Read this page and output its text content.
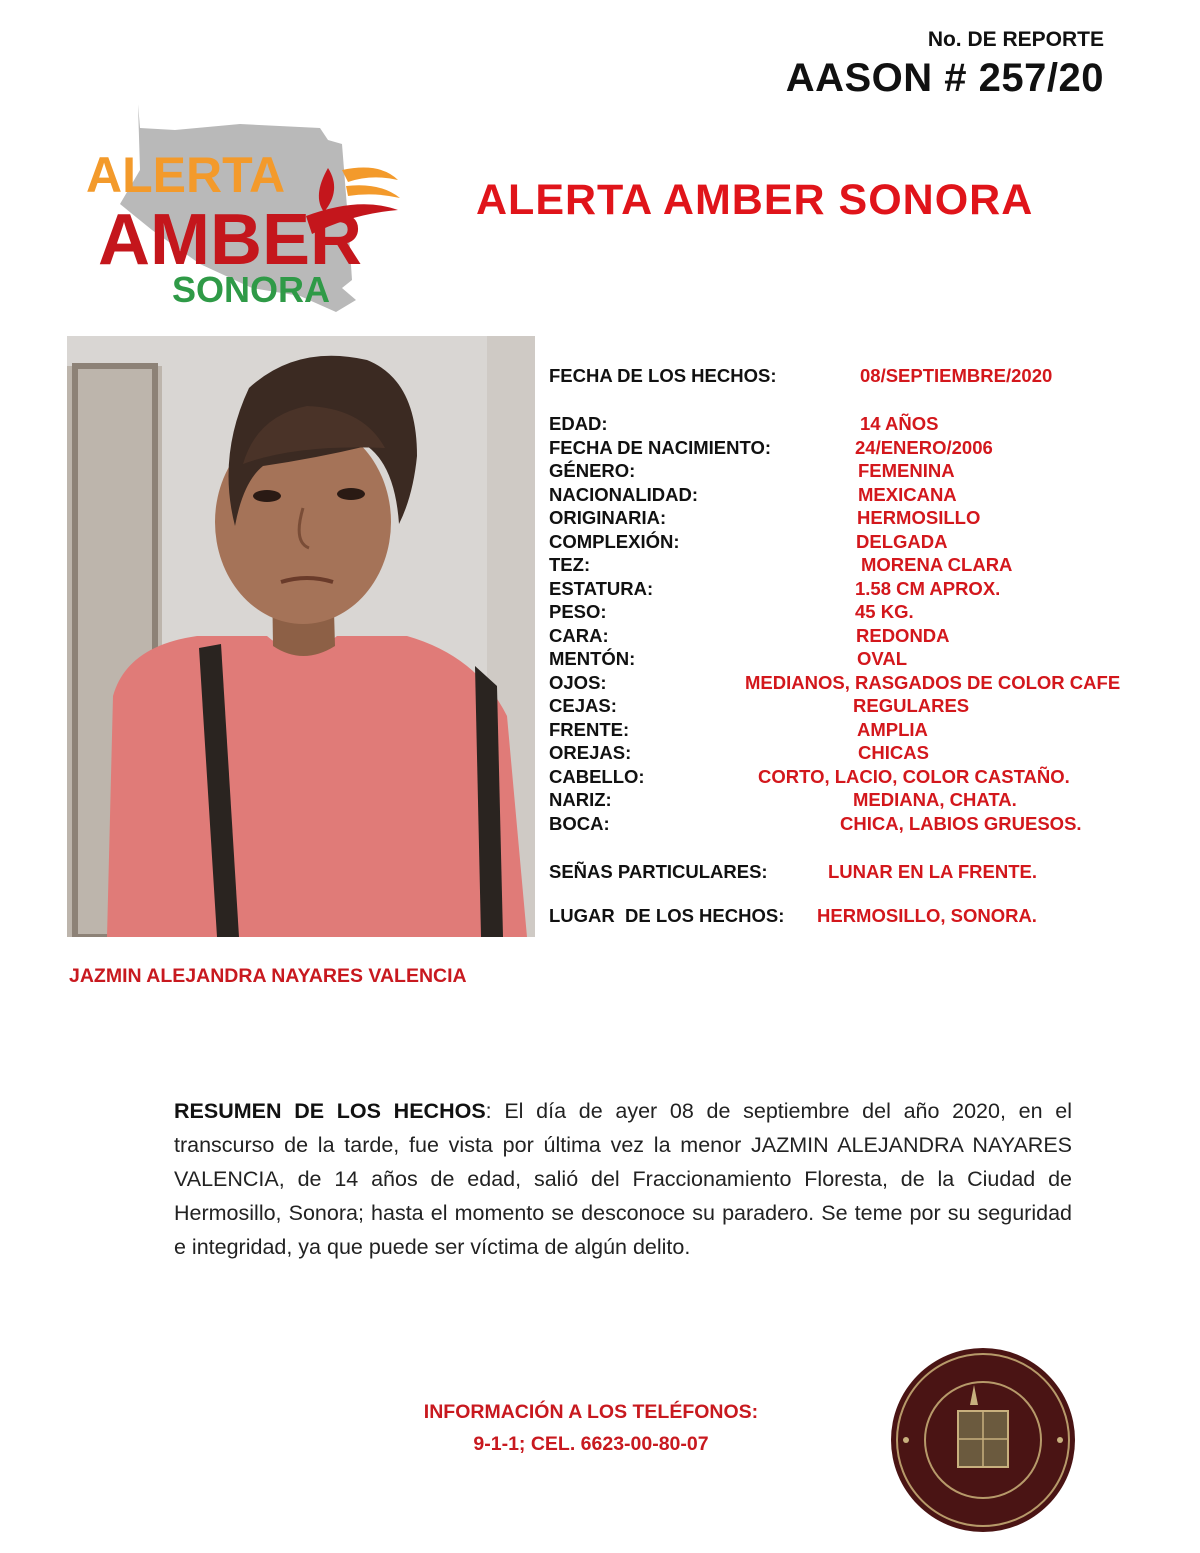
No. DE REPORTE
AASON # 257/20
ALERTA
AMBER
SONORA
ALERTA AMBER SONORA
JAZMIN ALEJANDRA NAYARES VALENCIA
FECHA DE LOS HECHOS:	08/SEPTIEMBRE/2020
EDAD:	14 AÑOS
FECHA DE NACIMIENTO:	24/ENERO/2006
GÉNERO:	FEMENINA
NACIONALIDAD:	MEXICANA
ORIGINARIA:	HERMOSILLO
COMPLEXIÓN:	DELGADA
TEZ:	MORENA CLARA
ESTATURA:	1.58 CM APROX.
PESO:	45 KG.
CARA:	REDONDA
MENTÓN:	OVAL
OJOS:	MEDIANOS, RASGADOS DE COLOR CAFE
CEJAS:	REGULARES
FRENTE:	AMPLIA
OREJAS:	CHICAS
CABELLO:	CORTO, LACIO, COLOR CASTAÑO.
NARIZ:	MEDIANA, CHATA.
BOCA:	CHICA, LABIOS GRUESOS.
SEÑAS PARTICULARES:	LUNAR EN LA FRENTE.
LUGAR  DE LOS HECHOS: HERMOSILLO, SONORA.
RESUMEN DE LOS HECHOS: El día de ayer 08 de septiembre del año 2020, en el transcurso de la tarde, fue vista por última vez la menor JAZMIN ALEJANDRA NAYARES VALENCIA, de 14 años de edad, salió del Fraccionamiento Floresta, de la Ciudad de Hermosillo, Sonora; hasta el momento se desconoce su paradero. Se teme por su seguridad e integridad, ya que puede ser víctima de algún delito.
INFORMACIÓN A LOS TELÉFONOS:
9-1-1; CEL. 6623-00-80-07
